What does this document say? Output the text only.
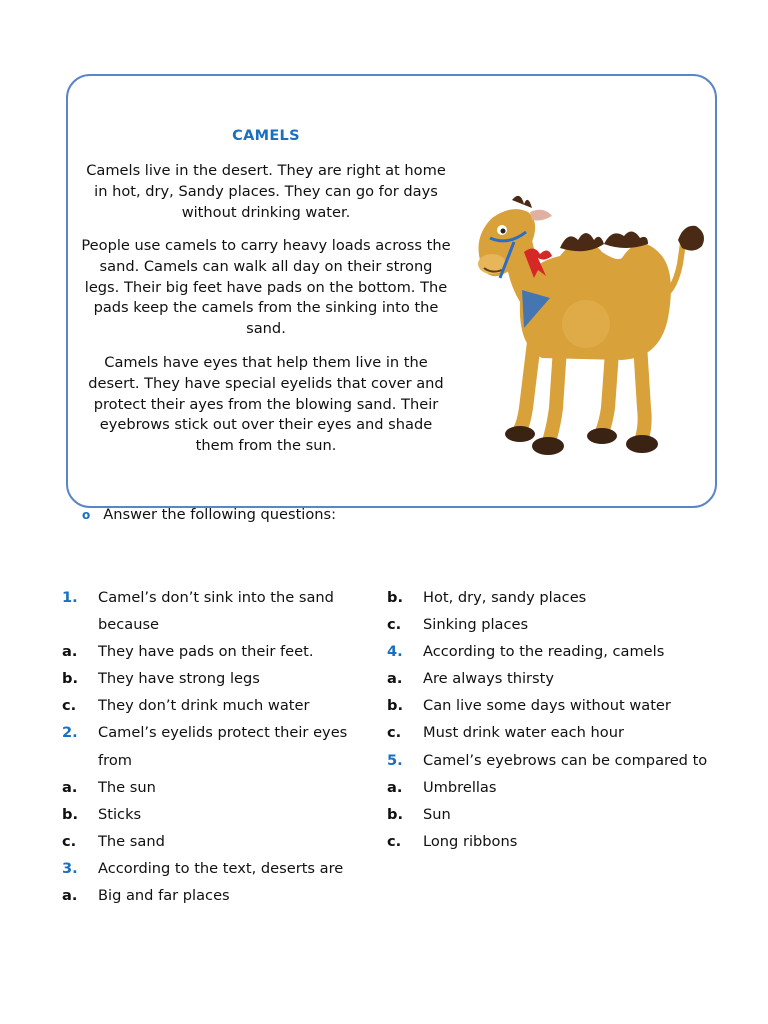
CAMELS

Camels live in the desert. They are right at home in hot, dry, Sandy places. They can go for days without drinking water.

People use camels to carry heavy loads across the sand. Camels can walk all day on their strong legs. Their big feet have pads on the bottom. The pads keep the camels from the sinking into the sand.

Camels have eyes that help them live in the desert. They have special eyelids that cover and protect their ayes from the blowing sand. Their eyebrows stick out over their eyes and shade them from the sun.

o Answer the following questions:
1. Camel’s don’t sink into the sand because
a. They have pads on their feet.
b. They have strong legs
c. They don’t drink much water
2. Camel’s eyelids protect their eyes from
a. The sun
b. Sticks
c. The sand
3. According to the text, deserts are
a. Big and far places
b. Hot, dry, sandy places
c. Sinking places
4. According to the reading, camels
a. Are always thirsty
b. Can live some days without water
c. Must drink water each hour
5. Camel’s eyebrows can be compared to
a. Umbrellas
b. Sun
c. Long ribbons
